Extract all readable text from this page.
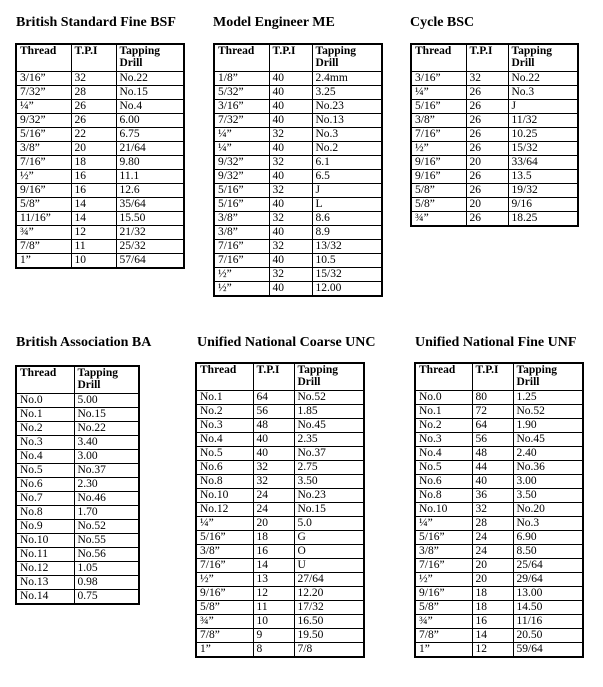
British Standard Fine BSF	Model Engineer ME	Cycle BSC
British Association BA	Unified National Coarse UNC	Unified National Fine UNF
Thread	T.P.I	Tapping Drill
3/16”	32	No.22
7/32”	28	No.15
¼”	26	No.4
9/32”	26	6.00
5/16”	22	6.75
3/8”	20	21/64
7/16”	18	9.80
½”	16	11.1
9/16”	16	12.6
5/8”	14	35/64
11/16”	14	15.50
¾”	12	21/32
7/8”	11	25/32
1”	10	57/64
Thread	T.P.I	Tapping Drill
1/8”	40	2.4mm
5/32”	40	3.25
3/16”	40	No.23
7/32”	40	No.13
¼”	32	No.3
¼”	40	No.2
9/32”	32	6.1
9/32”	40	6.5
5/16”	32	J
5/16”	40	L
3/8”	32	8.6
3/8”	40	8.9
7/16”	32	13/32
7/16”	40	10.5
½”	32	15/32
½”	40	12.00
Thread	T.P.I	Tapping Drill
3/16”	32	No.22
¼”	26	No.3
5/16”	26	J
3/8”	26	11/32
7/16”	26	10.25
½”	26	15/32
9/16”	20	33/64
9/16”	26	13.5
5/8”	26	19/32
5/8”	20	9/16
¾”	26	18.25
Thread	Tapping Drill
No.0	5.00
No.1	No.15
No.2	No.22
No.3	3.40
No.4	3.00
No.5	No.37
No.6	2.30
No.7	No.46
No.8	1.70
No.9	No.52
No.10	No.55
No.11	No.56
No.12	1.05
No.13	0.98
No.14	0.75
Thread	T.P.I	Tapping Drill
No.1	64	No.52
No.2	56	1.85
No.3	48	No.45
No.4	40	2.35
No.5	40	No.37
No.6	32	2.75
No.8	32	3.50
No.10	24	No.23
No.12	24	No.15
¼”	20	5.0
5/16”	18	G
3/8”	16	O
7/16”	14	U
½”	13	27/64
9/16”	12	12.20
5/8”	11	17/32
¾”	10	16.50
7/8”	9	19.50
1”	8	7/8
Thread	T.P.I	Tapping Drill
No.0	80	1.25
No.1	72	No.52
No.2	64	1.90
No.3	56	No.45
No.4	48	2.40
No.5	44	No.36
No.6	40	3.00
No.8	36	3.50
No.10	32	No.20
¼”	28	No.3
5/16”	24	6.90
3/8”	24	8.50
7/16”	20	25/64
½”	20	29/64
9/16”	18	13.00
5/8”	18	14.50
¾”	16	11/16
7/8”	14	20.50
1”	12	59/64
